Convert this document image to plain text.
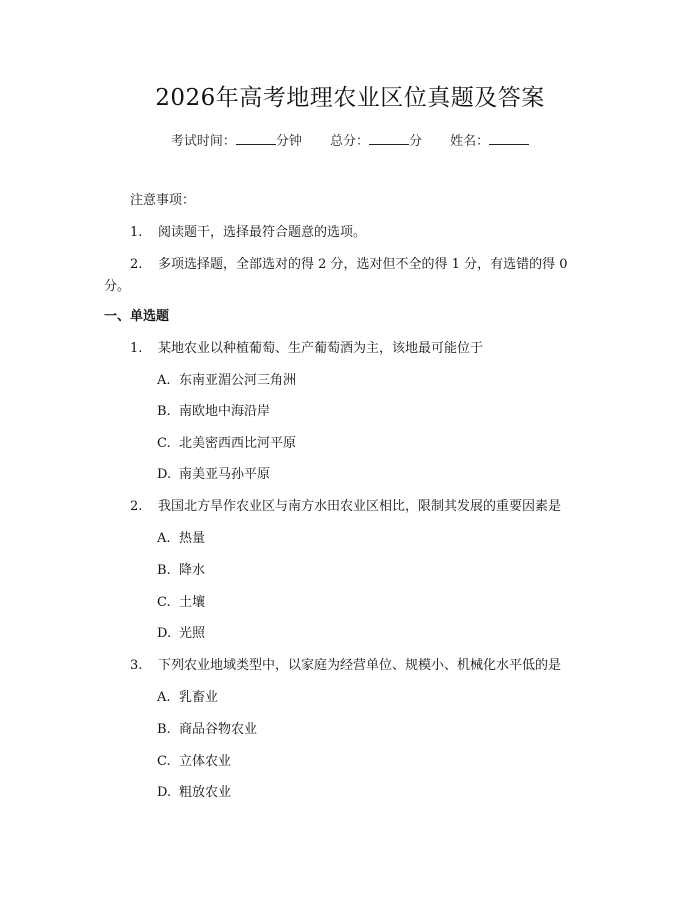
2026年高考地理农业区位真题及答案
考试时间：	分钟 总分：	分 姓名：
注意事项：
1. 阅读题干，选择最符合题意的选项。
2. 多项选择题，全部选对的得 2 分，选对但不全的得 1 分，有选错的得 0
分。
一、单选题
1. 某地农业以种植葡萄、生产葡萄酒为主，该地最可能位于
A. 东南亚湄公河三角洲
B. 南欧地中海沿岸
C. 北美密西西比河平原
D. 南美亚马孙平原
2. 我国北方旱作农业区与南方水田农业区相比，限制其发展的重要因素是
A. 热量
B. 降水
C. 土壤
D. 光照
3. 下列农业地域类型中，以家庭为经营单位、规模小、机械化水平低的是
A. 乳畜业
B. 商品谷物农业
C. 立体农业
D. 粗放农业
